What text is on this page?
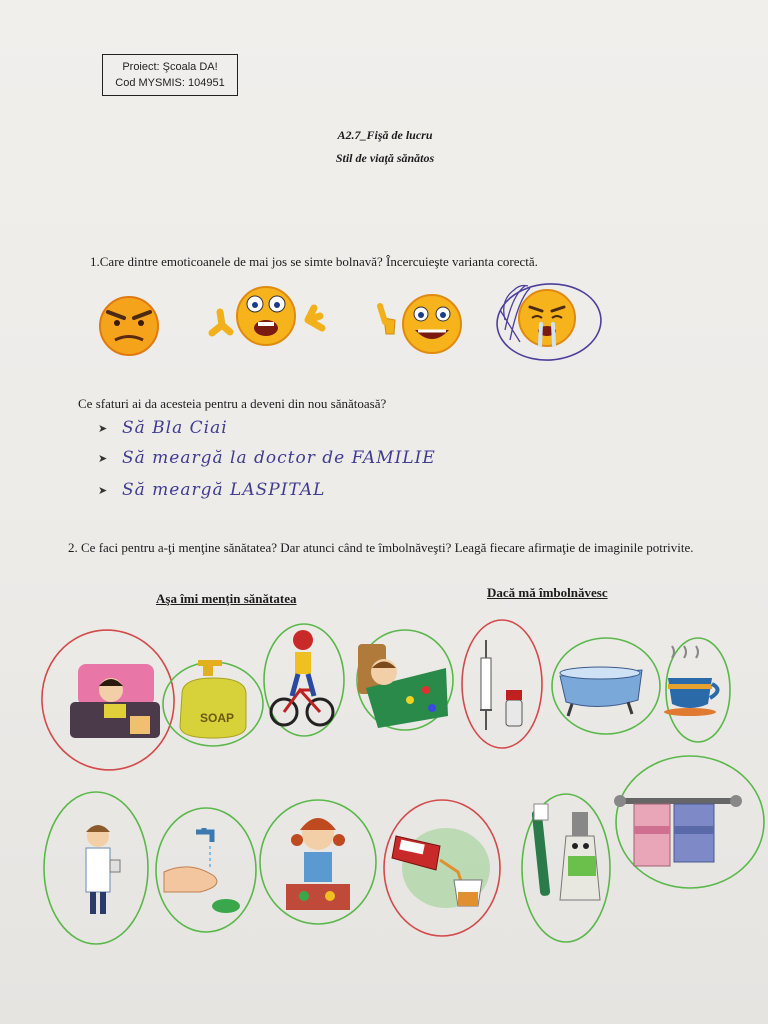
Proiect: Şcoala DA!
Cod MYSMIS: 104951
A2.7_Fişă de lucru
Stil de viaţă sănătos
1.Care dintre emoticoanele de mai jos se simte bolnavă? Încercuieşte varianta corectă.
SOAP
Ce sfaturi ai da acesteia pentru a deveni din nou sănătoasă?
➤ Să Bla Ciai
➤ Să meargă la doctor de FAMILIE
➤ Să meargă LASPITAL
2. Ce faci pentru a-ţi menţine sănătatea? Dar atunci când te îmbolnăveşti? Leagă fiecare afirmaţie de imaginile potrivite.
Aşa îmi menţin sănătatea	Dacă mă îmbolnăvesc
